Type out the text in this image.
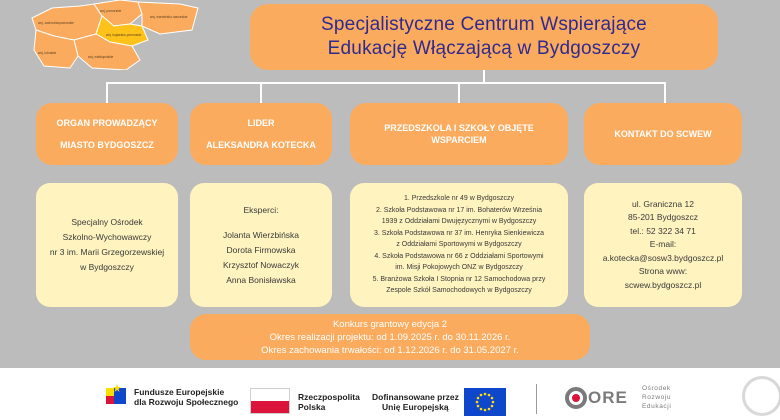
woj. zachodniopomorskie
woj. pomorskie
woj. warmińsko-mazurskie
woj. lubuskie
woj. wielkopolskie
woj. kujawsko-pomorskie	Specjalistyczne Centrum Wspierające
Edukację Włączającą w Bydgoszczy
ORGAN PROWADZĄCY
MIASTO BYDGOSZCZ
LIDER
ALEKSANDRA KOTECKA
PRZEDSZKOLA I SZKOŁY OBJĘTE
WSPARCIEM
KONTAKT DO SCWEW
Specjalny Ośrodek
Szkolno-Wychowawczy
nr 3 im. Marii Grzegorzewskiej
w Bydgoszczy
Eksperci:
Jolanta Wierzbińska
Dorota Firmowska
Krzysztof Nowaczyk
Anna Bonisławska
1. Przedszkole nr 49 w Bydgoszczy
2. Szkoła Podstawowa nr 17 im. Bohaterów Września
1939 z Oddziałami Dwujęzycznymi w Bydgoszczy
3. Szkoła Podstawowa nr 37 im. Henryka Sienkiewicza
z Oddziałami Sportowymi w Bydgoszczy
4. Szkoła Podstawowa nr 66 z Oddziałami Sportowymi
im. Misji Pokojowych ONZ w Bydgoszczy
5. Branżowa Szkoła I Stopnia nr 12 Samochodowa przy
Zespole Szkół Samochodowych w Bydgoszczy
ul. Graniczna 12
85-201 Bydgoszcz
tel.: 52 322 34 71
E-mail:
a.kotecka@sosw3.bydgoszcz.pl
Strona www:
scwew.bydgoszcz.pl
Konkurs grantowy edycja 2
Okres realizacji projektu: od 1.09.2025 r. do 30.11.2026 r.
Okres zachowania trwałości: od 1.12.2026 r. do 31.05.2027 r.
Fundusze Europejskie
dla Rozwoju Społecznego	Rzeczpospolita
Polska
Dofinansowane przez
Unię Europejską	ORE Ośrodek
Rozwoju
Edukacji
